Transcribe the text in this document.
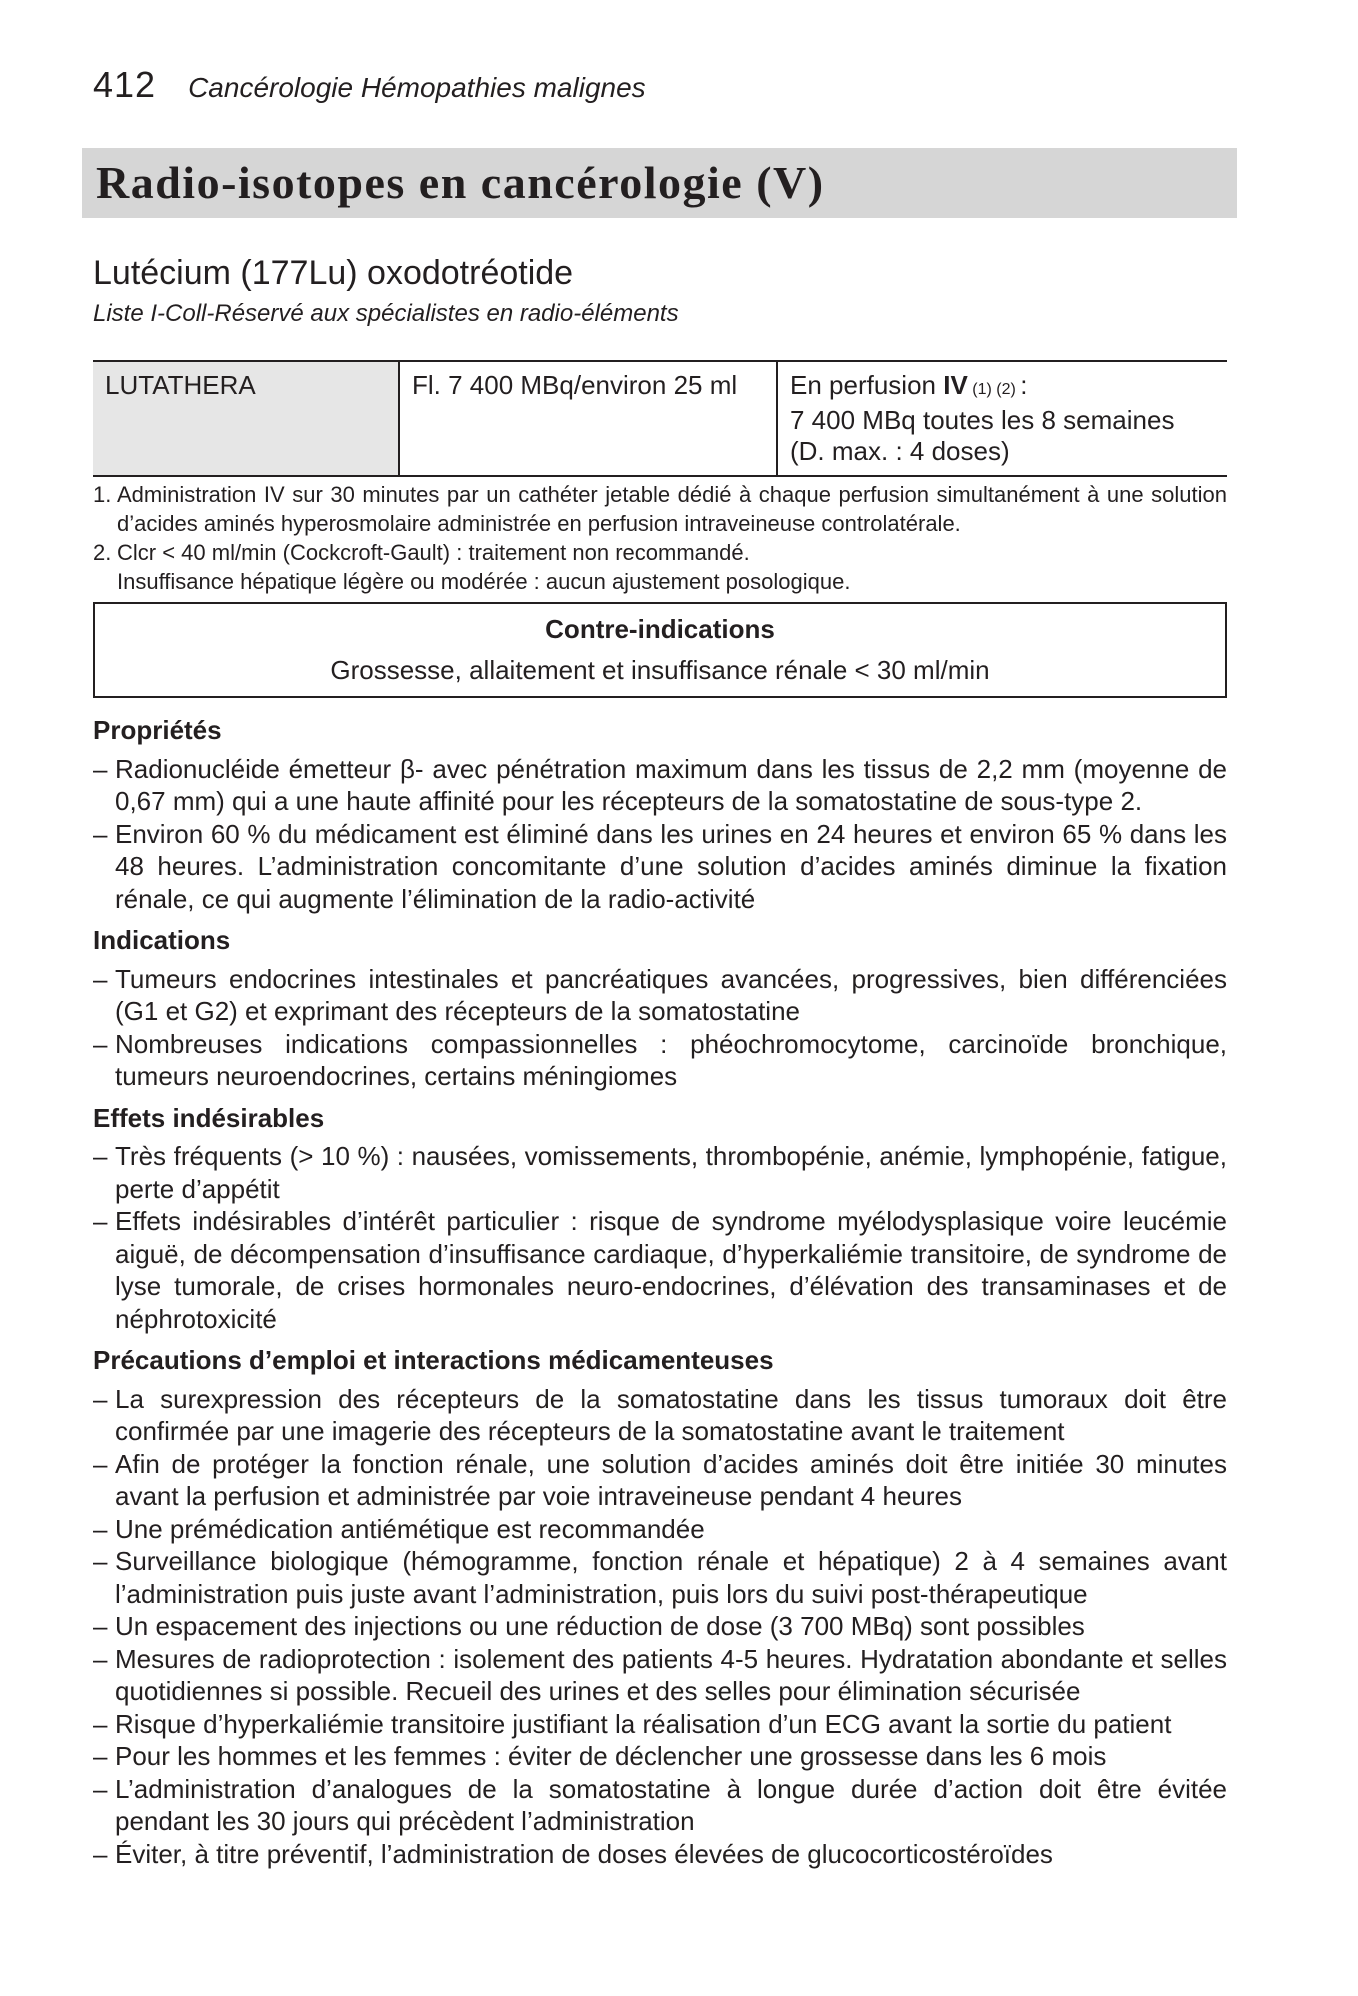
412 Cancérologie Hémopathies malignes
Radio-isotopes en cancérologie (V)
Lutécium (177Lu) oxodotréotide
Liste I-Coll-Réservé aux spécialistes en radio-éléments
LUTATHERA	Fl. 7 400 MBq/environ 25 ml	En perfusion IV (1) (2) :
7 400 MBq toutes les 8 semaines
(D. max. : 4 doses)
1. Administration IV sur 30 minutes par un cathéter jetable dédié à chaque perfusion simultanément à une solution d’acides aminés hyperosmolaire administrée en perfusion intraveineuse controlatérale.
2. Clcr < 40 ml/min (Cockcroft-Gault) : traitement non recommandé.
Insuffisance hépatique légère ou modérée : aucun ajustement posologique.
Contre-indications
Grossesse, allaitement et insuffisance rénale < 30 ml/min
Propriétés
– Radionucléide émetteur β- avec pénétration maximum dans les tissus de 2,2 mm (moyenne de 0,67 mm) qui a une haute affinité pour les récepteurs de la somatostatine de sous-type 2.
– Environ 60 % du médicament est éliminé dans les urines en 24 heures et environ 65 % dans les 48 heures. L’administration concomitante d’une solution d’acides aminés diminue la fixation rénale, ce qui augmente l’élimination de la radio-activité
Indications
– Tumeurs endocrines intestinales et pancréatiques avancées, progressives, bien différenciées (G1 et G2) et exprimant des récepteurs de la somatostatine
– Nombreuses indications compassionnelles : phéochromocytome, carcinoïde bronchique, tumeurs neuroendocrines, certains méningiomes
Effets indésirables
– Très fréquents (> 10 %) : nausées, vomissements, thrombopénie, anémie, lymphopénie, fatigue, perte d’appétit
– Effets indésirables d’intérêt particulier : risque de syndrome myélodysplasique voire leucémie aiguë, de décompensation d’insuffisance cardiaque, d’hyperkaliémie transitoire, de syndrome de lyse tumorale, de crises hormonales neuro-endocrines, d’élévation des transaminases et de néphrotoxicité
Précautions d’emploi et interactions médicamenteuses
– La surexpression des récepteurs de la somatostatine dans les tissus tumoraux doit être confirmée par une imagerie des récepteurs de la somatostatine avant le traitement
– Afin de protéger la fonction rénale, une solution d’acides aminés doit être initiée 30 minutes avant la perfusion et administrée par voie intraveineuse pendant 4 heures
– Une prémédication antiémétique est recommandée
– Surveillance biologique (hémogramme, fonction rénale et hépatique) 2 à 4 semaines avant l’administration puis juste avant l’administration, puis lors du suivi post-thérapeutique
– Un espacement des injections ou une réduction de dose (3 700 MBq) sont possibles
– Mesures de radioprotection : isolement des patients 4-5 heures. Hydratation abondante et selles quotidiennes si possible. Recueil des urines et des selles pour élimination sécurisée
– Risque d’hyperkaliémie transitoire justifiant la réalisation d’un ECG avant la sortie du patient
– Pour les hommes et les femmes : éviter de déclencher une grossesse dans les 6 mois
– L’administration d’analogues de la somatostatine à longue durée d’action doit être évitée pendant les 30 jours qui précèdent l’administration
– Éviter, à titre préventif, l’administration de doses élevées de glucocorticostéroïdes
